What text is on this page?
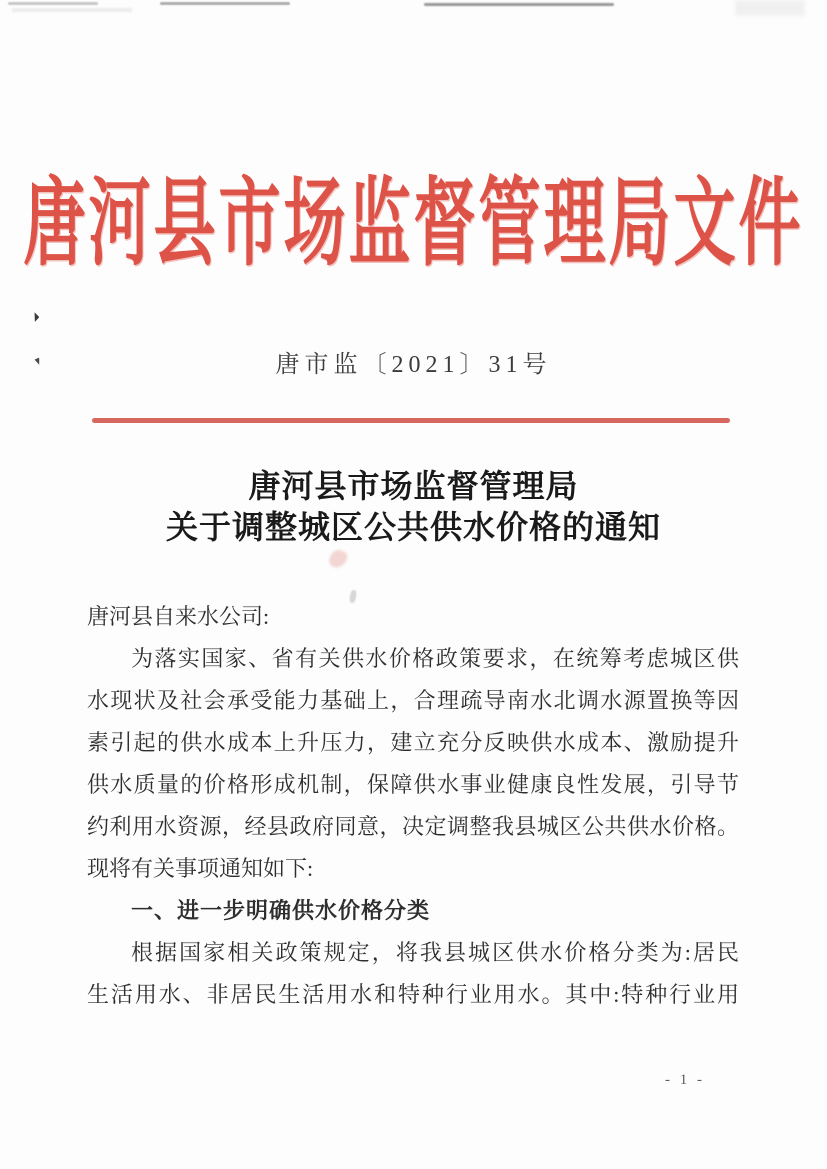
唐河县市场监督管理局文件
唐市监〔2021〕31号
唐河县市场监督管理局
关于调整城区公共供水价格的通知
唐河县自来水公司:
为落实国家、省有关供水价格政策要求，在统筹考虑城区供
水现状及社会承受能力基础上，合理疏导南水北调水源置换等因
素引起的供水成本上升压力，建立充分反映供水成本、激励提升
供水质量的价格形成机制，保障供水事业健康良性发展，引导节
约利用水资源，经县政府同意，决定调整我县城区公共供水价格。
现将有关事项通知如下:
一、进一步明确供水价格分类
根据国家相关政策规定，将我县城区供水价格分类为:居民
生活用水、非居民生活用水和特种行业用水。其中:特种行业用
- 1 -
